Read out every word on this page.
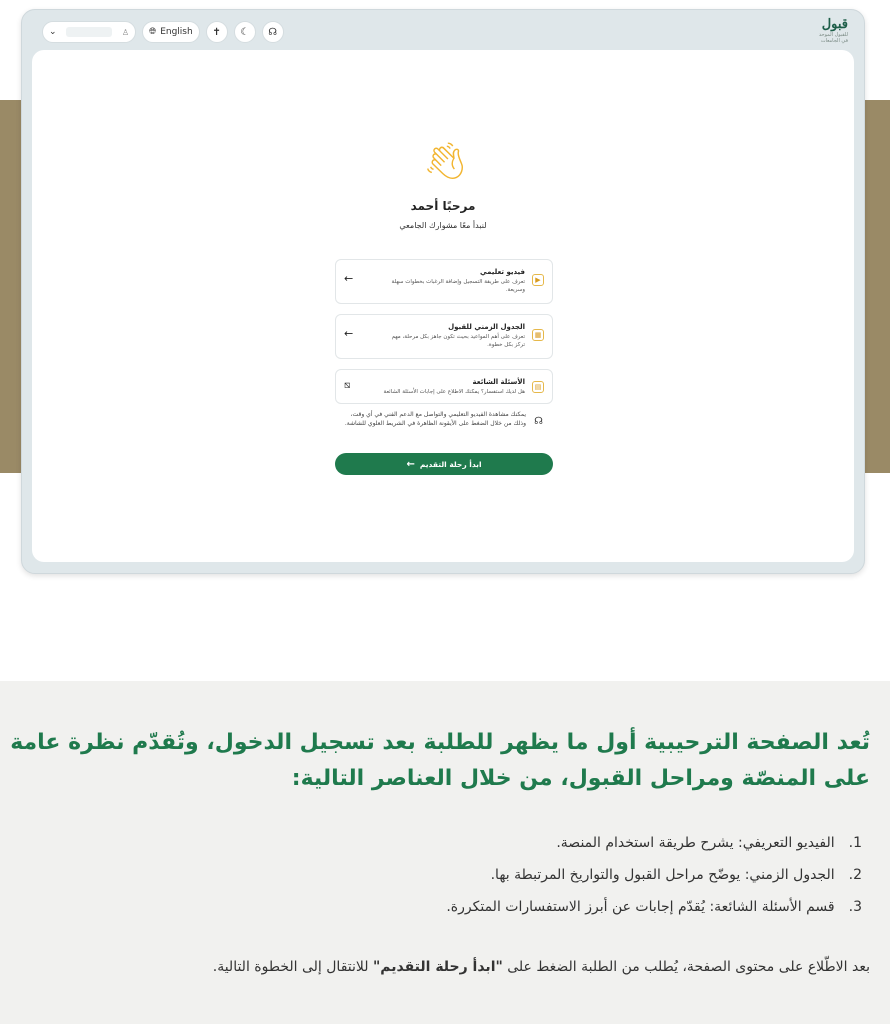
⌄	♙ 🌐︎ English ✝ ☾ ☊	قبول
للقبول الموحد
في الجامعات
👋︎
مرحبًا أحمد
لنبدأ معًا مشوارك الجامعي
▶
فيديو تعليمي
تعرف على طريقة التسجيل وإضافة الرغبات بخطوات سهلة وسريعة.
←
▦
الجدول الزمني للقبول
تعرف على أهم المواعيد بحيث تكون جاهز بكل مرحلة، مهم تركز بكل خطوة.
←
▤
الأسئلة الشائعة
هل لديك استفسار؟ يمكنك الاطلاع على إجابات الأسئلة الشائعة
⧄
☊
يمكنك مشاهدة الفيديو التعليمي والتواصل مع الدعم الفني في أي وقت، وذلك من خلال الضغط على الأيقونة الظاهرة في الشريط العلوي للشاشة.
ابدأ رحلة التقديم
←
تُعد الصفحة الترحيبية أول ما يظهر للطلبة بعد تسجيل الدخول، وتُقدّم نظرة عامة على المنصّة ومراحل القبول، من خلال العناصر التالية:
1.الفيديو التعريفي: يشرح طريقة استخدام المنصة.
2.الجدول الزمني: يوضّح مراحل القبول والتواريخ المرتبطة بها.
3.قسم الأسئلة الشائعة: يُقدّم إجابات عن أبرز الاستفسارات المتكررة.
بعد الاطّلاع على محتوى الصفحة، يُطلب من الطلبة الضغط على "ابدأ رحلة التقديم" للانتقال إلى الخطوة التالية.
